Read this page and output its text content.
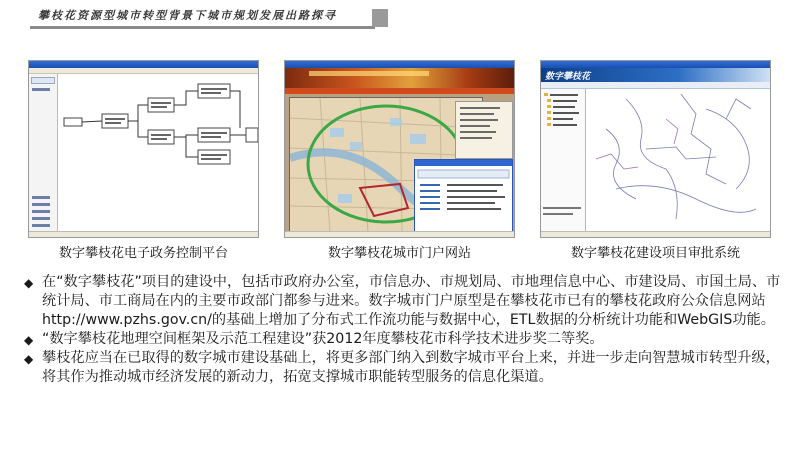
攀枝花资源型城市转型背景下城市规划发展出路探寻
数字攀枝花电子政务控制平台	数字攀枝花城市门户网站
数字攀枝花
数字攀枝花建设项目审批系统
◆ 在“数字攀枝花”项目的建设中，包括市政府办公室，市信息办、市规划局、市地理信息中心、市建设局、市国土局、市统计局、市工商局在内的主要市政部门都参与进来。数字城市门户原型是在攀枝花市已有的攀枝花政府公众信息网站http://www.pzhs.gov.cn/的基础上增加了分布式工作流功能与数据中心，ETL数据的分析统计功能和WebGIS功能。
◆ “数字攀枝花地理空间框架及示范工程建设”获2012年度攀枝花市科学技术进步奖二等奖。
◆ 攀枝花应当在已取得的数字城市建设基础上，将更多部门纳入到数字城市平台上来，并进一步走向智慧城市转型升级，将其作为推动城市经济发展的新动力，拓宽支撑城市职能转型服务的信息化渠道。
